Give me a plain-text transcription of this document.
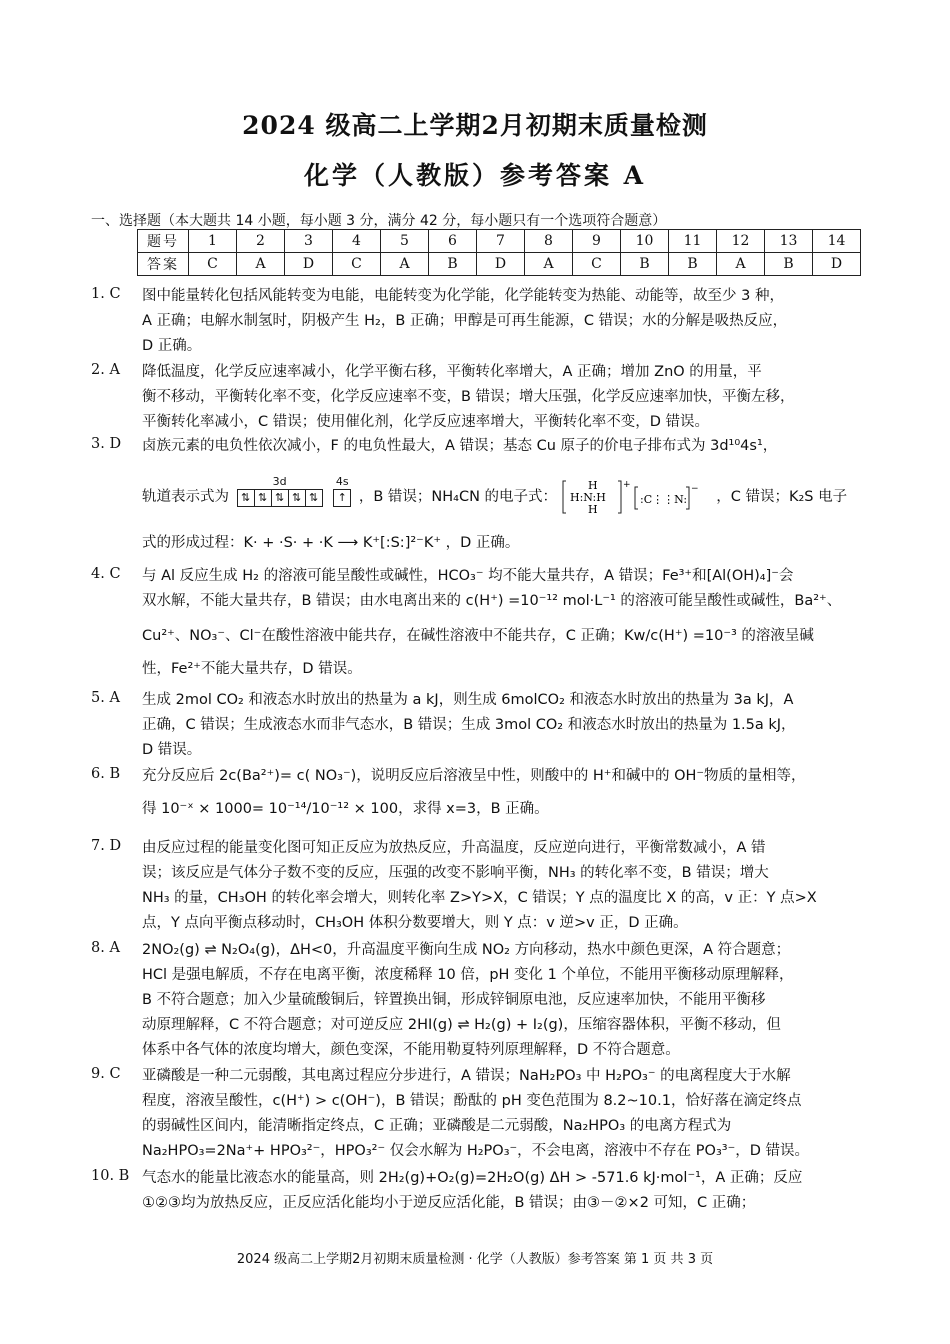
2024 级高二上学期2月初期末质量检测
化学（人教版）参考答案 A
一、选择题（本大题共 14 小题，每小题 3 分，满分 42 分，每小题只有一个选项符合题意）
题号	1	2	3	4	5	6	7	8	9	10	11	12	13	14
答案	C	A	D	C	A	B	D	A	C	B	B	A	B	D
1. C 图中能量转化包括风能转变为电能，电能转变为化学能，化学能转变为热能、动能等，故至少 3 种，

A 正确；电解水制氢时，阴极产生 H₂，B 正确；甲醇是可再生能源，C 错误；水的分解是吸热反应，

D 正确。

2. A 降低温度，化学反应速率减小，化学平衡右移，平衡转化率增大，A 正确；增加 ZnO 的用量，平

衡不移动，平衡转化率不变，化学反应速率不变，B 错误；增大压强，化学反应速率加快，平衡左移，

平衡转化率减小，C 错误；使用催化剂，化学反应速率增大，平衡转化率不变，D 错误。

3. D 卤族元素的电负性依次减小，F 的电负性最大，A 错误；基态 Cu 原子的价电子排布式为 3d¹⁰4s¹，

轨道表示式为
3d
⇅ ⇅ ⇅ ⇅ ⇅

4s
↑ ，B 错误；NH₄CN 的电子式：
H
H:N:H
H
+
:C⋮⋮N:
− ，C 错误；K₂S 电子

式的形成过程：K· + ·S· + ·K ⟶ K⁺[:S:]²⁻K⁺ ，D 正确。

4. C 与 Al 反应生成 H₂ 的溶液可能呈酸性或碱性，HCO₃⁻ 均不能大量共存，A 错误；Fe³⁺和[Al(OH)₄]⁻会

双水解，不能大量共存，B 错误；由水电离出来的 c(H⁺) =10⁻¹² mol·L⁻¹ 的溶液可能呈酸性或碱性，Ba²⁺、

Cu²⁺、NO₃⁻、Cl⁻在酸性溶液中能共存，在碱性溶液中不能共存，C 正确；Kw/c(H⁺) =10⁻³ 的溶液呈碱

性，Fe²⁺不能大量共存，D 错误。

5. A 生成 2mol CO₂ 和液态水时放出的热量为 a kJ，则生成 6molCO₂ 和液态水时放出的热量为 3a kJ，A

正确，C 错误；生成液态水而非气态水，B 错误；生成 3mol CO₂ 和液态水时放出的热量为 1.5a kJ，

D 错误。

6. B 充分反应后 2c(Ba²⁺)= c( NO₃⁻)，说明反应后溶液呈中性，则酸中的 H⁺和碱中的 OH⁻物质的量相等，

得 10⁻ˣ × 1000= 10⁻¹⁴/10⁻¹² × 100，求得 x=3，B 正确。

7. D 由反应过程的能量变化图可知正反应为放热反应，升高温度，反应逆向进行，平衡常数减小，A 错

误；该反应是气体分子数不变的反应，压强的改变不影响平衡，NH₃ 的转化率不变，B 错误；增大

NH₃ 的量，CH₃OH 的转化率会增大，则转化率 Z>Y>X，C 错误；Y 点的温度比 X 的高，v 正：Y 点>X

点，Y 点向平衡点移动时，CH₃OH 体积分数要增大，则 Y 点：v 逆>v 正，D 正确。

8. A 2NO₂(g) ⇌ N₂O₄(g)，ΔH<0，升高温度平衡向生成 NO₂ 方向移动，热水中颜色更深，A 符合题意；

HCl 是强电解质，不存在电离平衡，浓度稀释 10 倍，pH 变化 1 个单位，不能用平衡移动原理解释，

B 不符合题意；加入少量硫酸铜后，锌置换出铜，形成锌铜原电池，反应速率加快，不能用平衡移

动原理解释，C 不符合题意；对可逆反应 2HI(g) ⇌ H₂(g) + I₂(g)，压缩容器体积，平衡不移动，但

体系中各气体的浓度均增大，颜色变深，不能用勒夏特列原理解释，D 不符合题意。

9. C 亚磷酸是一种二元弱酸，其电离过程应分步进行，A 错误；NaH₂PO₃ 中 H₂PO₃⁻ 的电离程度大于水解

程度，溶液呈酸性，c(H⁺) > c(OH⁻)，B 错误；酚酞的 pH 变色范围为 8.2~10.1，恰好落在滴定终点

的弱碱性区间内，能清晰指定终点，C 正确；亚磷酸是二元弱酸，Na₂HPO₃ 的电离方程式为

Na₂HPO₃=2Na⁺+ HPO₃²⁻，HPO₃²⁻ 仅会水解为 H₂PO₃⁻，不会电离，溶液中不存在 PO₃³⁻，D 错误。

10. B 气态水的能量比液态水的能量高，则 2H₂(g)+O₂(g)=2H₂O(g) ΔH > -571.6 kJ·mol⁻¹，A 正确；反应

①②③均为放热反应，正反应活化能均小于逆反应活化能，B 错误；由③－②×2 可知，C 正确；

2024 级高二上学期2月初期末质量检测 · 化学（人教版）参考答案 第 1 页 共 3 页
